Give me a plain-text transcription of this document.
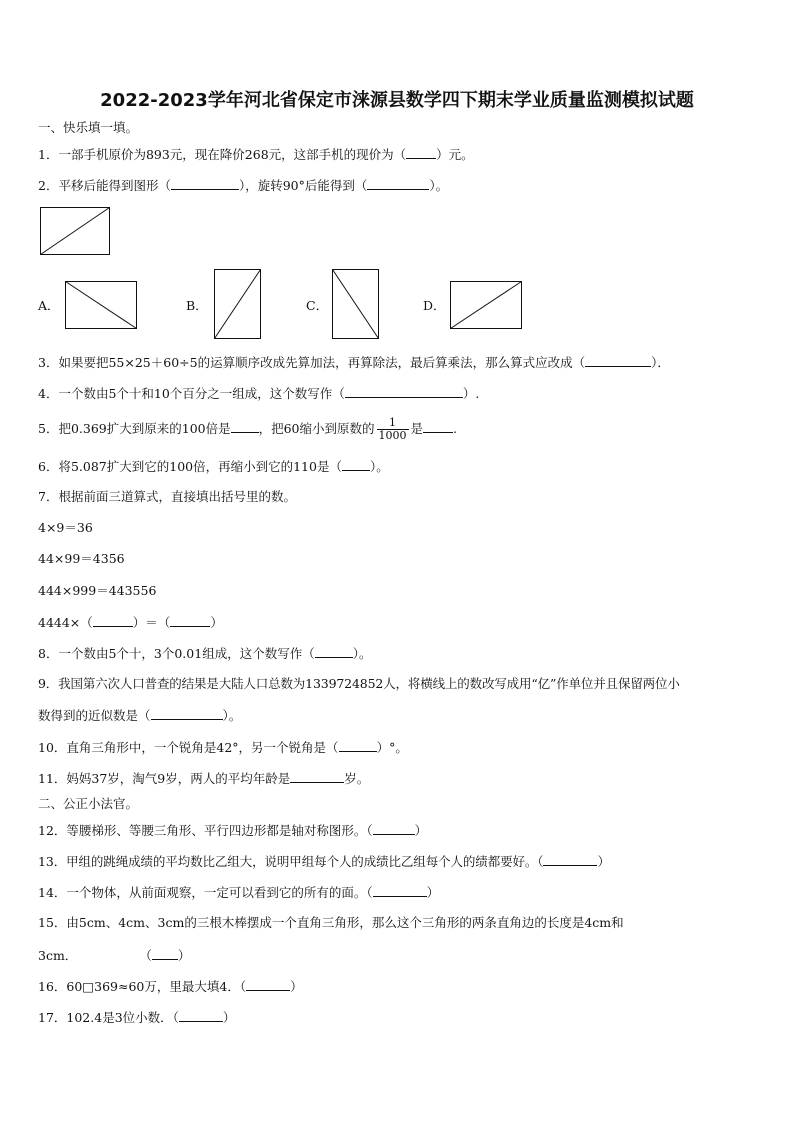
2022-2023学年河北省保定市涞源县数学四下期末学业质量监测模拟试题
一、快乐填一填。
1．一部手机原价为893元，现在降价268元，这部手机的现价为（ ）元。
2．平移后能得到图形（	），旋转90°后能得到（	）。
A．	B．	C．	D．
3．如果要把55×25＋60÷5的运算顺序改成先算加法，再算除法，最后算乘法，那么算式应改成（	）．
4．一个数由5个十和10个百分之一组成，这个数写作（	）.
5．把0.369扩大到原来的100倍是 ，把60缩小到原数的 $\frac{1}{1000}$ 是 .
6．将5.087扩大到它的100倍，再缩小到它的110是（ ）。
7．根据前面三道算式，直接填出括号里的数。
4×9＝36
44×99＝4356
444×999＝443556
4444×（	）＝（	）
8．一个数由5个十，3个0.01组成，这个数写作（	）。
9．我国第六次人口普查的结果是大陆人口总数为1339724852人，将横线上的数改写成用“亿”作单位并且保留两位小
数得到的近似数是（	）。
10．直角三角形中，一个锐角是42°，另一个锐角是（	）°。
11．妈妈37岁，淘气9岁，两人的平均年龄是	岁。
二、公正小法官。
12．等腰梯形、等腰三角形、平行四边形都是轴对称图形。（	）
13．甲组的跳绳成绩的平均数比乙组大，说明甲组每个人的成绩比乙组每个人的绩都要好。（	）
14．一个物体，从前面观察，一定可以看到它的所有的面。（	）
15．由5cm、4cm、3cm的三根木棒摆成一个直角三角形，那么这个三角形的两条直角边的长度是4cm和
3cm．	（ ）
16．60□369≈60万，里最大填4．（	）
17．102.4是3位小数．（	）
